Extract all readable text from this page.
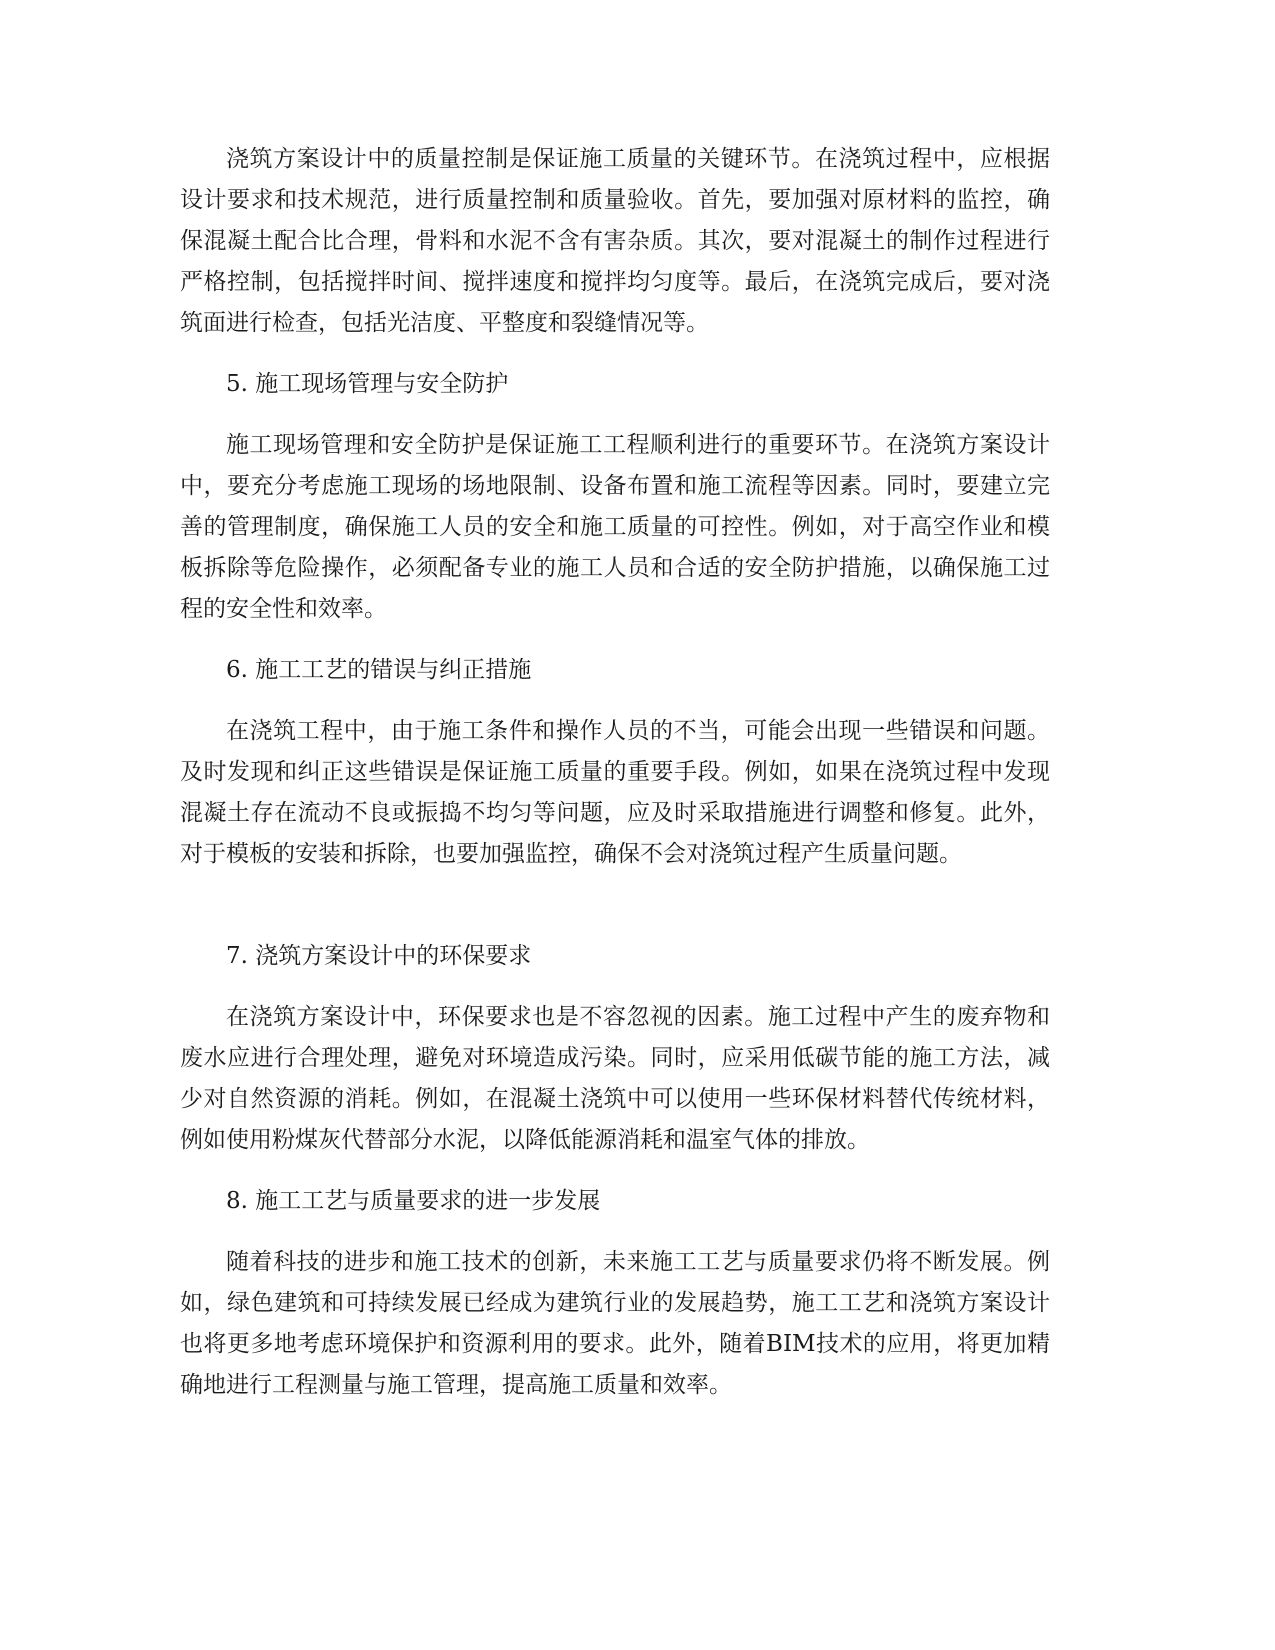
浇筑方案设计中的质量控制是保证施工质量的关键环节。在浇筑过程中，应根据设计要求和技术规范，进行质量控制和质量验收。首先，要加强对原材料的监控，确保混凝土配合比合理，骨料和水泥不含有害杂质。其次，要对混凝土的制作过程进行严格控制，包括搅拌时间、搅拌速度和搅拌均匀度等。最后，在浇筑完成后，要对浇筑面进行检查，包括光洁度、平整度和裂缝情况等。

5. 施工现场管理与安全防护

施工现场管理和安全防护是保证施工工程顺利进行的重要环节。在浇筑方案设计中，要充分考虑施工现场的场地限制、设备布置和施工流程等因素。同时，要建立完善的管理制度，确保施工人员的安全和施工质量的可控性。例如，对于高空作业和模板拆除等危险操作，必须配备专业的施工人员和合适的安全防护措施，以确保施工过程的安全性和效率。

6. 施工工艺的错误与纠正措施

在浇筑工程中，由于施工条件和操作人员的不当，可能会出现一些错误和问题。及时发现和纠正这些错误是保证施工质量的重要手段。例如，如果在浇筑过程中发现混凝土存在流动不良或振捣不均匀等问题，应及时采取措施进行调整和修复。此外，对于模板的安装和拆除，也要加强监控，确保不会对浇筑过程产生质量问题。

7. 浇筑方案设计中的环保要求

在浇筑方案设计中，环保要求也是不容忽视的因素。施工过程中产生的废弃物和废水应进行合理处理，避免对环境造成污染。同时，应采用低碳节能的施工方法，减少对自然资源的消耗。例如，在混凝土浇筑中可以使用一些环保材料替代传统材料，例如使用粉煤灰代替部分水泥，以降低能源消耗和温室气体的排放。

8. 施工工艺与质量要求的进一步发展

随着科技的进步和施工技术的创新，未来施工工艺与质量要求仍将不断发展。例如，绿色建筑和可持续发展已经成为建筑行业的发展趋势，施工工艺和浇筑方案设计也将更多地考虑环境保护和资源利用的要求。此外，随着BIM技术的应用，将更加精确地进行工程测量与施工管理，提高施工质量和效率。
